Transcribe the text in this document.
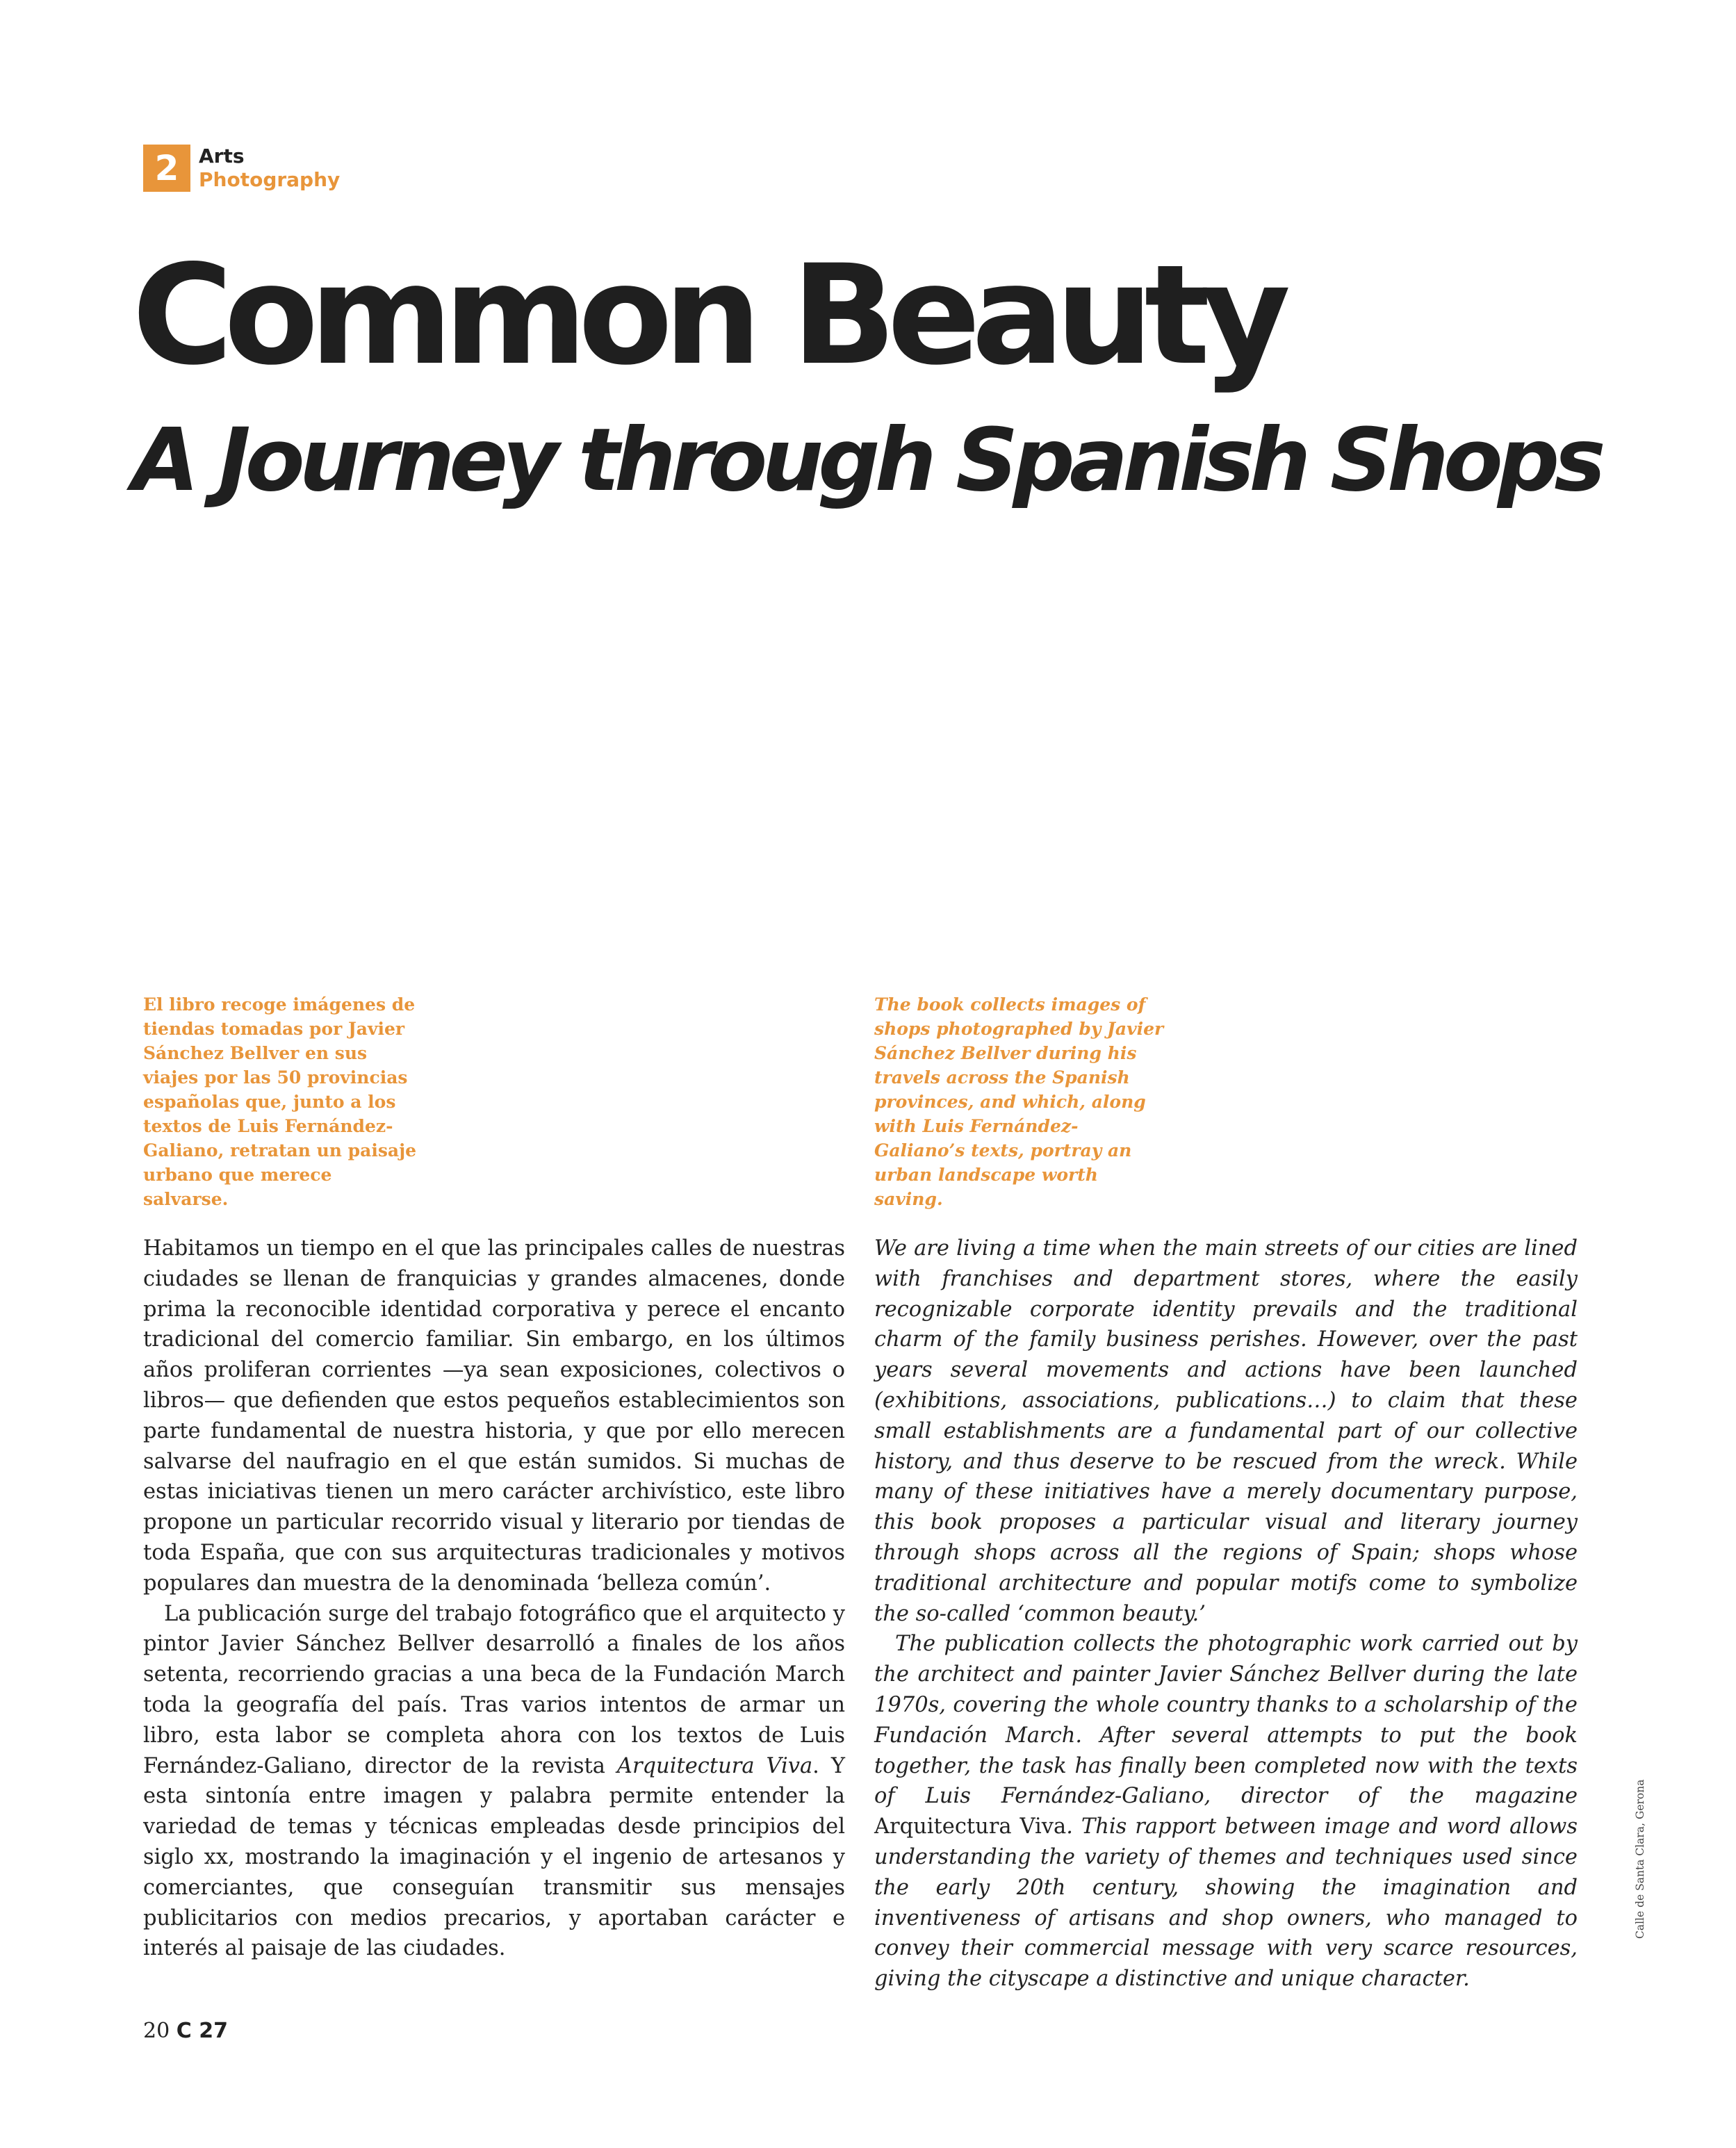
2	Arts
Photography
Common Beauty
A Journey through Spanish Shops

El libro recoge imágenes de tiendas tomadas por Javier Sánchez Bellver en sus viajes por las 50 provincias españolas que, junto a los textos de Luis Fernández-Galiano, retratan un paisaje urbano que merece salvarse.

The book collects images of shops photographed by Javier Sánchez Bellver during his travels across the Spanish provinces, and which, along with Luis Fernández-Galiano’s texts, portray an urban landscape worth saving.

Habitamos un tiempo en el que las principales calles de nuestras ciudades se llenan de franquicias y grandes almacenes, donde prima la reconocible identidad corporativa y perece el encanto tradicional del comercio familiar. Sin embargo, en los últimos años proliferan corrientes —ya sean exposiciones, colectivos o libros— que defienden que estos pequeños establecimientos son parte fundamental de nuestra historia, y que por ello merecen salvarse del naufragio en el que están sumidos. Si muchas de estas iniciativas tienen un mero carácter archivístico, este libro propone un particular recorrido visual y literario por tiendas de toda España, que con sus arquitecturas tradicionales y motivos populares dan muestra de la denominada ‘belleza común’.

La publicación surge del trabajo fotográfico que el arquitecto y pintor Javier Sánchez Bellver desarrolló a finales de los años setenta, recorriendo gracias a una beca de la Fundación March toda la geografía del país. Tras varios intentos de armar un libro, esta labor se completa ahora con los textos de Luis Fernández-Galiano, director de la revista Arquitectura Viva. Y esta sintonía entre imagen y palabra permite entender la variedad de temas y técnicas empleadas desde principios del siglo xx, mostrando la imaginación y el ingenio de artesanos y comerciantes, que conseguían transmitir sus mensajes publicitarios con medios precarios, y aportaban carácter e interés al paisaje de las ciudades.

We are living a time when the main streets of our cities are lined with franchises and department stores, where the easily recognizable corporate identity prevails and the traditional charm of the family business perishes. However, over the past years several movements and actions have been launched (exhibitions, associations, publications…) to claim that these small establishments are a fundamental part of our collective history, and thus deserve to be rescued from the wreck. While many of these initiatives have a merely documentary purpose, this book proposes a particular visual and literary journey through shops across all the regions of Spain; shops whose traditional architecture and popular motifs come to symbolize the so-called ‘common beauty.’

The publication collects the photographic work carried out by the architect and painter Javier Sánchez Bellver during the late 1970s, covering the whole country thanks to a scholarship of the Fundación March. After several attempts to put the book together, the task has finally been completed now with the texts of Luis Fernández-Galiano, director of the magazine Arquitectura Viva. This rapport between image and word allows understanding the variety of themes and techniques used since the early 20th century, showing the imagination and inventiveness of artisans and shop owners, who managed to convey their commercial message with very scarce resources, giving the cityscape a distinctive and unique character.

Calle de Santa Clara, Gerona
20 C 27
